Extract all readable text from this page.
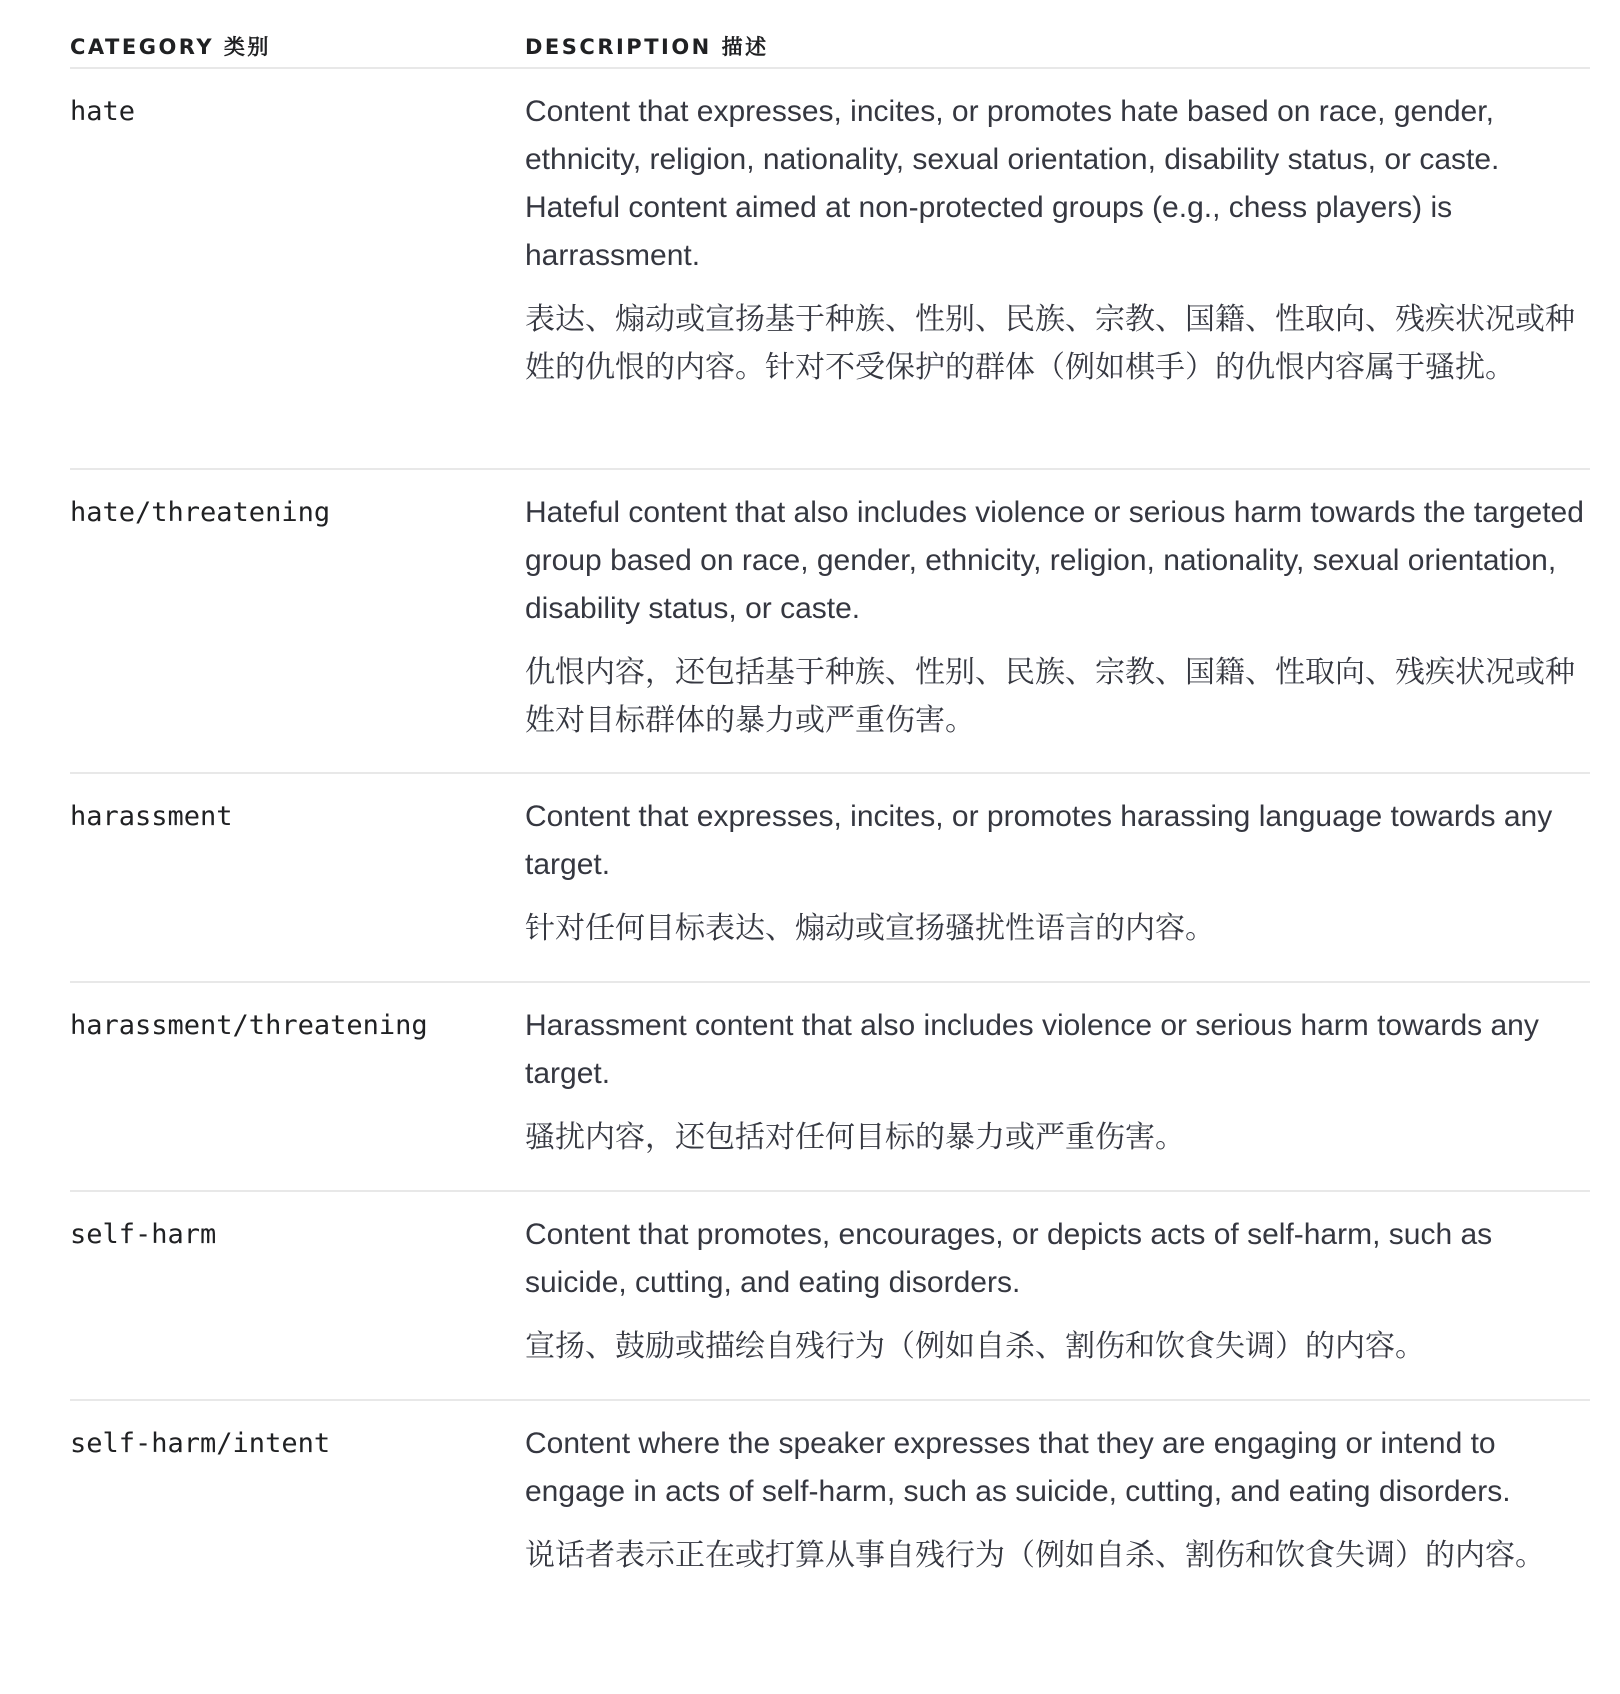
CATEGORY 类别	DESCRIPTION 描述
hate	Content that expresses, incites, or promotes hate based on race, gender, ethnicity, religion, nationality, sexual orientation, disability status, or caste. Hateful content aimed at non-protected groups (e.g., chess players) is harrassment.

表达、煽动或宣扬基于种族、性别、民族、宗教、国籍、性取向、残疾状况或种姓的仇恨的内容。针对不受保护的群体（例如棋手）的仇恨内容属于骚扰。

hate/threatening	Hateful content that also includes violence or serious harm towards the targeted group based on race, gender, ethnicity, religion, nationality, sexual orientation, disability status, or caste.

仇恨内容，还包括基于种族、性别、民族、宗教、国籍、性取向、残疾状况或种姓对目标群体的暴力或严重伤害。

harassment	Content that expresses, incites, or promotes harassing language towards any target.

针对任何目标表达、煽动或宣扬骚扰性语言的内容。

harassment/threatening	Harassment content that also includes violence or serious harm towards any target.

骚扰内容，还包括对任何目标的暴力或严重伤害。

self-harm	Content that promotes, encourages, or depicts acts of self-harm, such as suicide, cutting, and eating disorders.

宣扬、鼓励或描绘自残行为（例如自杀、割伤和饮食失调）的内容。

self-harm/intent	Content where the speaker expresses that they are engaging or intend to engage in acts of self-harm, such as suicide, cutting, and eating disorders.

说话者表示正在或打算从事自残行为（例如自杀、割伤和饮食失调）的内容。
